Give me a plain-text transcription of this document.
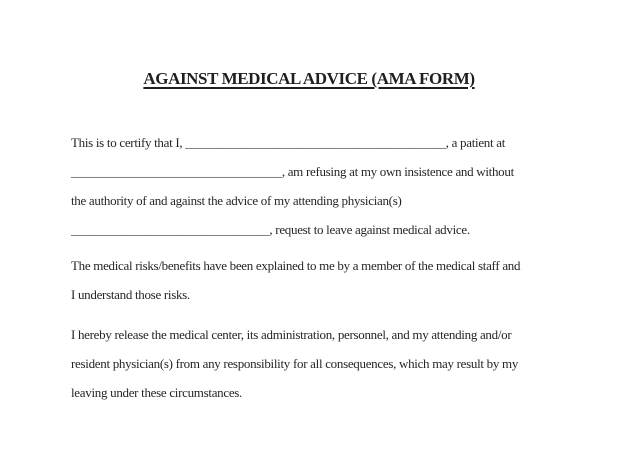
AGAINST MEDICAL ADVICE (AMA FORM)

This is to certify that I, __________________________________________, a patient at
__________________________________, am refusing at my own insistence and without
the authority of and against the advice of my attending physician(s)
________________________________, request to leave against medical advice.

The medical risks/benefits have been explained to me by a member of the medical staff and
I understand those risks.

I hereby release the medical center, its administration, personnel, and my attending and/or
resident physician(s) from any responsibility for all consequences, which may result by my
leaving under these circumstances.
